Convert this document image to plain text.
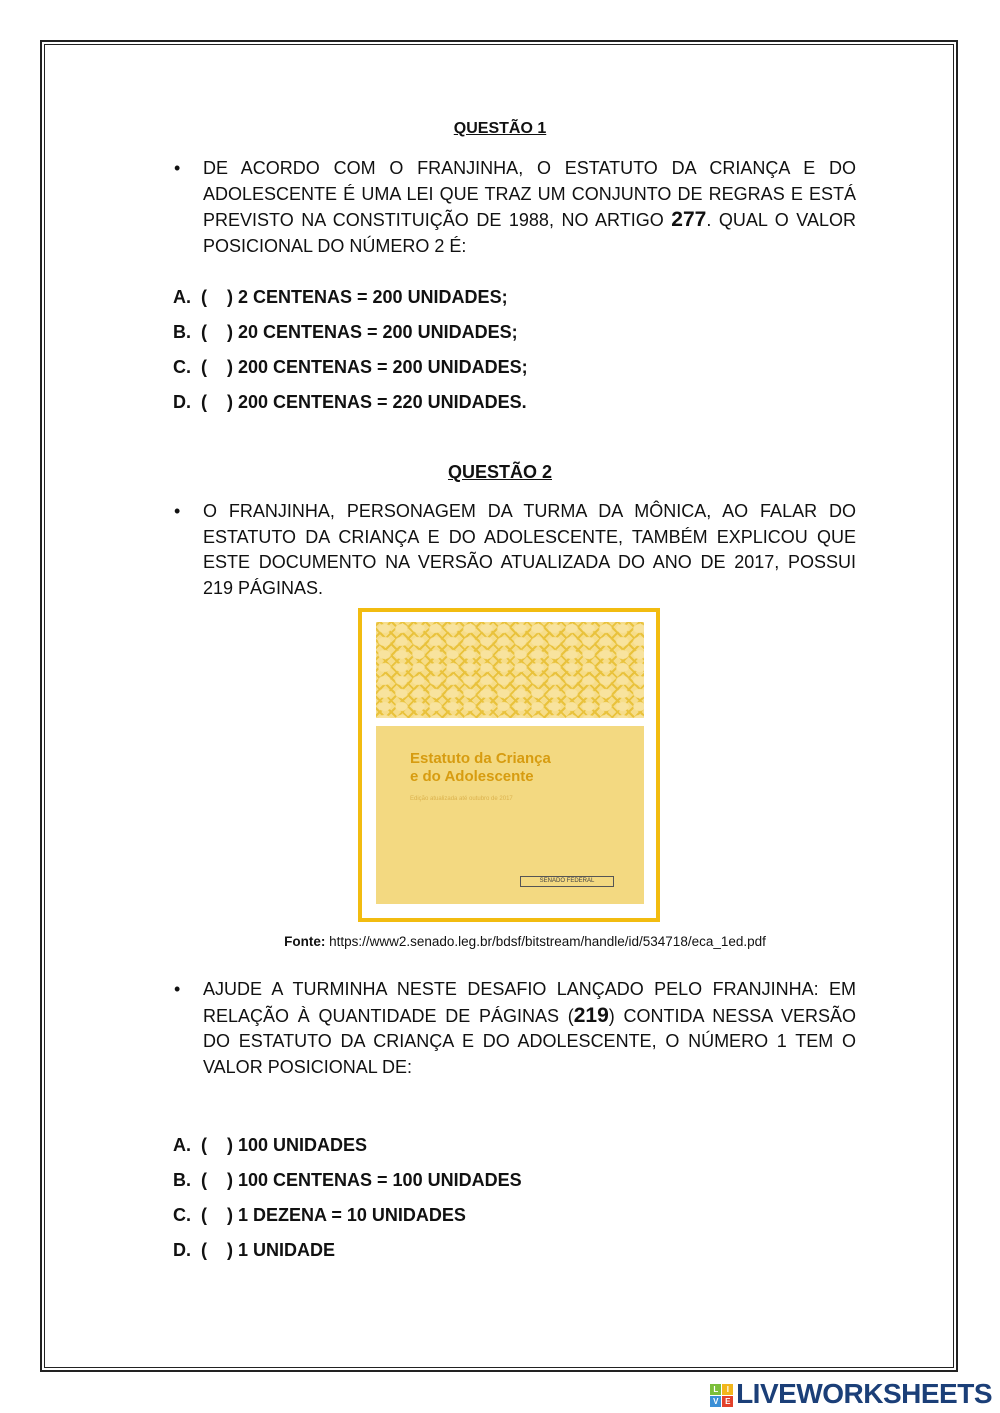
QUESTÃO 1
• DE ACORDO COM O FRANJINHA, O ESTATUTO DA CRIANÇA E DO ADOLESCENTE É UMA LEI QUE TRAZ UM CONJUNTO DE REGRAS E ESTÁ PREVISTO NA CONSTITUIÇÃO DE 1988, NO ARTIGO 277. QUAL O VALOR POSICIONAL DO NÚMERO 2 É:
A.  (    ) 2 CENTENAS = 200 UNIDADES;
B.  (    ) 20 CENTENAS = 200 UNIDADES;
C.  (    ) 200 CENTENAS = 200 UNIDADES;
D.  (    ) 200 CENTENAS = 220 UNIDADES.
QUESTÃO 2
• O FRANJINHA, PERSONAGEM DA TURMA DA MÔNICA, AO FALAR DO ESTATUTO DA CRIANÇA E DO ADOLESCENTE, TAMBÉM EXPLICOU QUE ESTE DOCUMENTO NA VERSÃO ATUALIZADA DO ANO DE 2017, POSSUI 219 PÁGINAS.
Estatuto da Criança
e do Adolescente
Edição atualizada até outubro de 2017
SENADO FEDERAL
Fonte: https://www2.senado.leg.br/bdsf/bitstream/handle/id/534718/eca_1ed.pdf
• AJUDE A TURMINHA NESTE DESAFIO LANÇADO PELO FRANJINHA: EM RELAÇÃO À QUANTIDADE DE PÁGINAS (219) CONTIDA NESSA VERSÃO DO ESTATUTO DA CRIANÇA E DO ADOLESCENTE, O NÚMERO 1 TEM O VALOR POSICIONAL DE:
A.  (    ) 100 UNIDADES
B.  (    ) 100 CENTENAS = 100 UNIDADES
C.  (    ) 1 DEZENA = 10 UNIDADES
D.  (    ) 1 UNIDADE
L	I
V E LIVEWORKSHEETS
